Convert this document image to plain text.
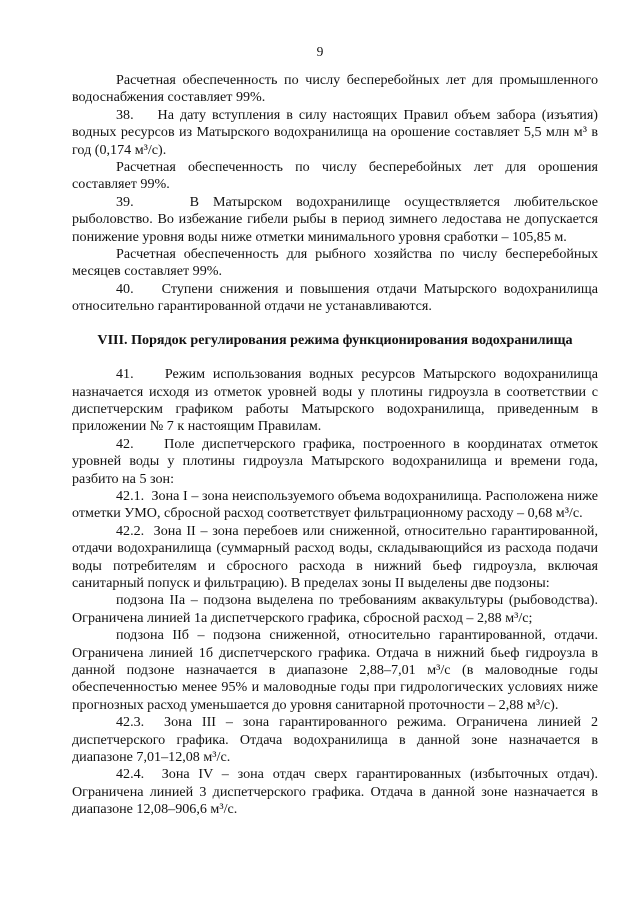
9

Расчетная обеспеченность по числу бесперебойных лет для промышленного водоснабжения составляет 99%.

38.    На дату вступления в силу настоящих Правил объем забора (изъятия) водных ресурсов из Матырского водохранилища на орошение составляет 5,5 млн м³ в год (0,174 м³/с).

Расчетная обеспеченность по числу бесперебойных лет для орошения составляет 99%.

39.    В Матырском водохранилище осуществляется любительское рыболовство. Во избежание гибели рыбы в период зимнего ледостава не допускается понижение уровня воды ниже отметки минимального уровня сработки – 105,85 м.

Расчетная обеспеченность для рыбного хозяйства по числу бесперебойных месяцев составляет 99%.

40.    Ступени снижения и повышения отдачи Матырского водохранилища относительно гарантированной отдачи не устанавливаются.

VIII. Порядок регулирования режима функционирования водохранилища

41.    Режим использования водных ресурсов Матырского водохранилища назначается исходя из отметок уровней воды у плотины гидроузла в соответствии с диспетчерским графиком работы Матырского водохранилища, приведенным в приложении № 7 к настоящим Правилам.

42.    Поле диспетчерского графика, построенного в координатах отметок уровней воды у плотины гидроузла Матырского водохранилища и времени года, разбито на 5 зон:

42.1.  Зона I – зона неиспользуемого объема водохранилища. Расположена ниже отметки УМО, сбросной расход соответствует фильтрационному расходу – 0,68 м³/с.

42.2.  Зона II – зона перебоев или сниженной, относительно гарантированной, отдачи водохранилища (суммарный расход воды, складывающийся из расхода подачи воды потребителям и сбросного расхода в нижний бьеф гидроузла, включая санитарный попуск и фильтрацию). В пределах зоны II выделены две подзоны:

подзона IIа – подзона выделена по требованиям аквакультуры (рыбоводства). Ограничена линией 1а диспетчерского графика, сбросной расход – 2,88 м³/с;

подзона IIб – подзона сниженной, относительно гарантированной, отдачи. Ограничена линией 1б диспетчерского графика. Отдача в нижний бьеф гидроузла в данной подзоне назначается в диапазоне 2,88–7,01 м³/с (в маловодные годы обеспеченностью менее 95% и маловодные годы при гидрологических условиях ниже прогнозных расход уменьшается до уровня санитарной проточности – 2,88 м³/с).

42.3.  Зона III – зона гарантированного режима. Ограничена линией 2 диспетчерского графика. Отдача водохранилища в данной зоне назначается в диапазоне 7,01–12,08 м³/с.

42.4.  Зона IV – зона отдач сверх гарантированных (избыточных отдач). Ограничена линией 3 диспетчерского графика. Отдача в данной зоне назначается в диапазоне 12,08–906,6 м³/с.
